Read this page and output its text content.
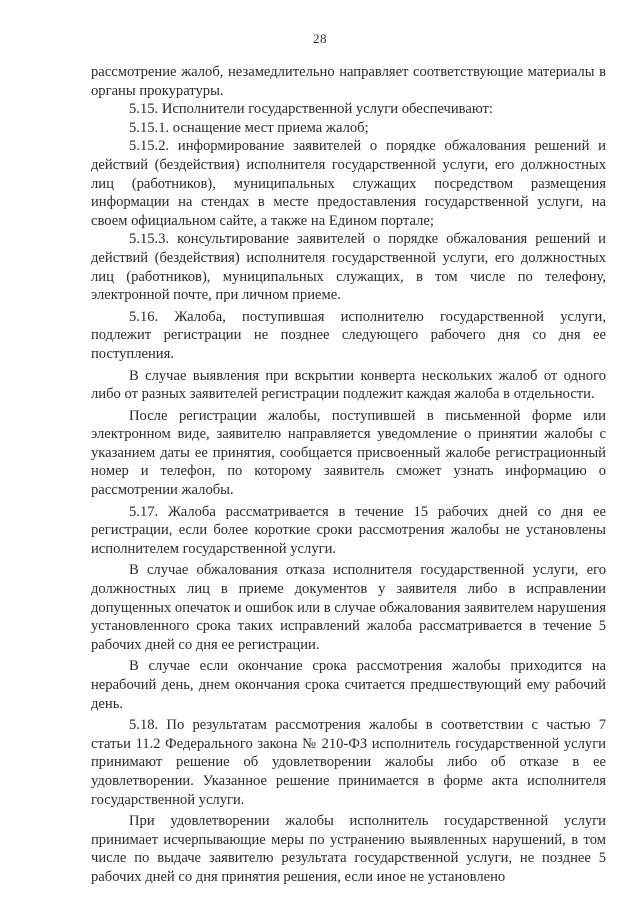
28

рассмотрение жалоб, незамедлительно направляет соответствующие материалы в органы прокуратуры.

5.15. Исполнители государственной услуги обеспечивают:

5.15.1. оснащение мест приема жалоб;

5.15.2. информирование заявителей о порядке обжалования решений и действий (бездействия) исполнителя государственной услуги, его должностных лиц (работников), муниципальных служащих посредством размещения информации на стендах в месте предоставления государственной услуги, на своем официальном сайте, а также на Едином портале;

5.15.3. консультирование заявителей о порядке обжалования решений и действий (бездействия) исполнителя государственной услуги, его должностных лиц (работников), муниципальных служащих, в том числе по телефону, электронной почте, при личном приеме.

5.16. Жалоба, поступившая исполнителю государственной услуги, подлежит регистрации не позднее следующего рабочего дня со дня ее поступления.

В случае выявления при вскрытии конверта нескольких жалоб от одного либо от разных заявителей регистрации подлежит каждая жалоба в отдельности.

После регистрации жалобы, поступившей в письменной форме или электронном виде, заявителю направляется уведомление о принятии жалобы с указанием даты ее принятия, сообщается присвоенный жалобе регистрационный номер и телефон, по которому заявитель сможет узнать информацию о рассмотрении жалобы.

5.17. Жалоба рассматривается в течение 15 рабочих дней со дня ее регистрации, если более короткие сроки рассмотрения жалобы не установлены исполнителем государственной услуги.

В случае обжалования отказа исполнителя государственной услуги, его должностных лиц в приеме документов у заявителя либо в исправлении допущенных опечаток и ошибок или в случае обжалования заявителем нарушения установленного срока таких исправлений жалоба рассматривается в течение 5 рабочих дней со дня ее регистрации.

В случае если окончание срока рассмотрения жалобы приходится на нерабочий день, днем окончания срока считается предшествующий ему рабочий день.

5.18. По результатам рассмотрения жалобы в соответствии с частью 7 статьи 11.2 Федерального закона № 210-ФЗ исполнитель государственной услуги принимают решение об удовлетворении жалобы либо об отказе в ее удовлетворении. Указанное решение принимается в форме акта исполнителя государственной услуги.

При удовлетворении жалобы исполнитель государственной услуги принимает исчерпывающие меры по устранению выявленных нарушений, в том числе по выдаче заявителю результата государственной услуги, не позднее 5 рабочих дней со дня принятия решения, если иное не установлено
